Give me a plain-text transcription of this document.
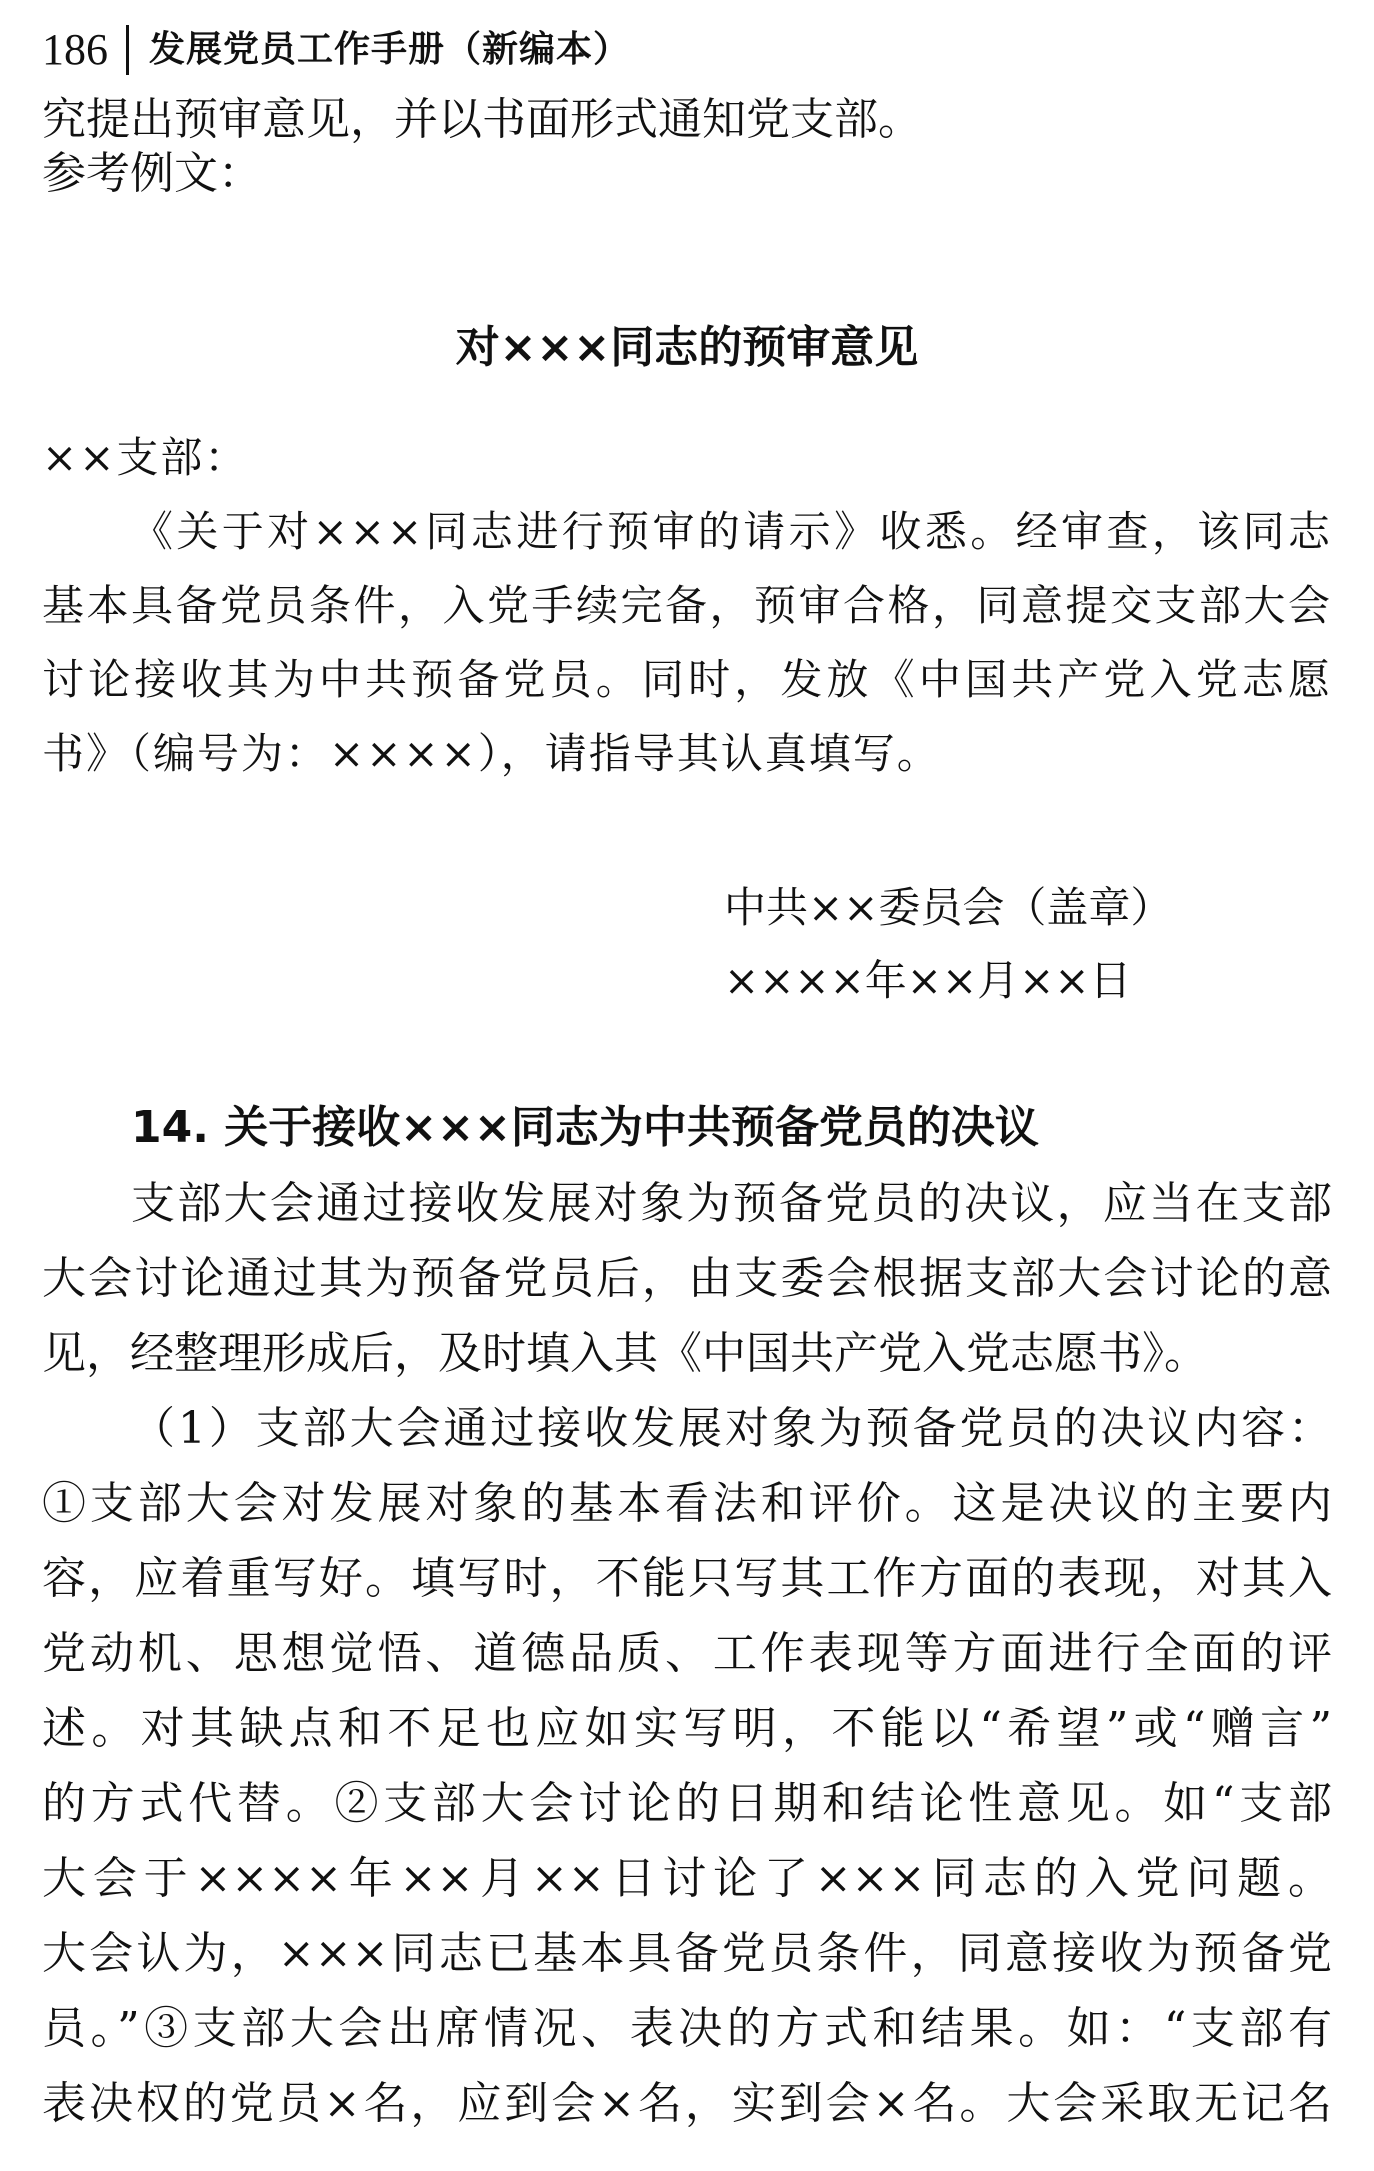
186 发展党员工作手册（新编本）
究提出预审意见，并以书面形式通知党支部。
参考例文：
对×××同志的预审意见
××支部：
《关于对×××同志进行预审的请示》收悉。经审查，该同志
基本具备党员条件，入党手续完备，预审合格，同意提交支部大会
讨论接收其为中共预备党员。同时，发放《中国共产党入党志愿
书》（编号为：××××），请指导其认真填写。
中共××委员会（盖章）
××××年××月××日
14. 关于接收×××同志为中共预备党员的决议
支部大会通过接收发展对象为预备党员的决议，应当在支部
大会讨论通过其为预备党员后，由支委会根据支部大会讨论的意
见，经整理形成后，及时填入其《中国共产党入党志愿书》。
（1）支部大会通过接收发展对象为预备党员的决议内容：
①支部大会对发展对象的基本看法和评价。这是决议的主要内
容，应着重写好。填写时，不能只写其工作方面的表现，对其入
党动机、思想觉悟、道德品质、工作表现等方面进行全面的评
述。对其缺点和不足也应如实写明，不能以“希望”或“赠言”
的方式代替。②支部大会讨论的日期和结论性意见。如“支部
大会于××××年××月××日讨论了×××同志的入党问题。
大会认为，×××同志已基本具备党员条件，同意接收为预备党
员。”③支部大会出席情况、表决的方式和结果。如：“支部有
表决权的党员×名，应到会×名，实到会×名。大会采取无记名
